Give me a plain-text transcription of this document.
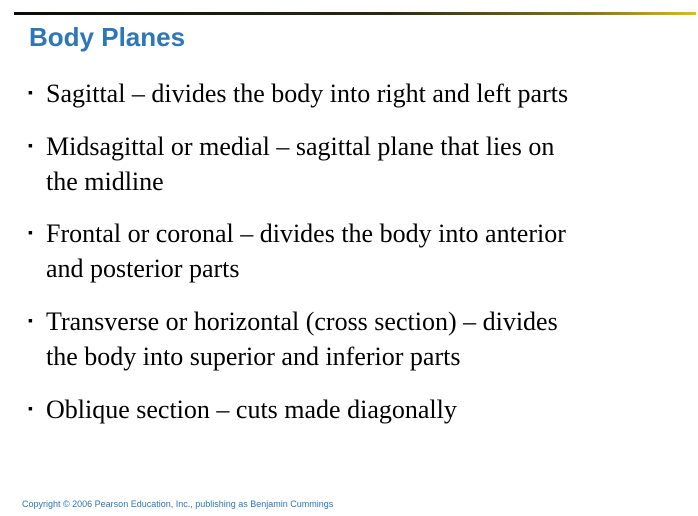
Body Planes
▪ Sagittal – divides the body into right and left parts
▪ Midsagittal or medial – sagittal plane that lies on
the midline
▪ Frontal or coronal – divides the body into anterior
and posterior parts
▪ Transverse or horizontal (cross section) – divides
the body into superior and inferior parts
▪ Oblique section – cuts made diagonally
Copyright © 2006 Pearson Education, Inc., publishing as Benjamin Cummings
